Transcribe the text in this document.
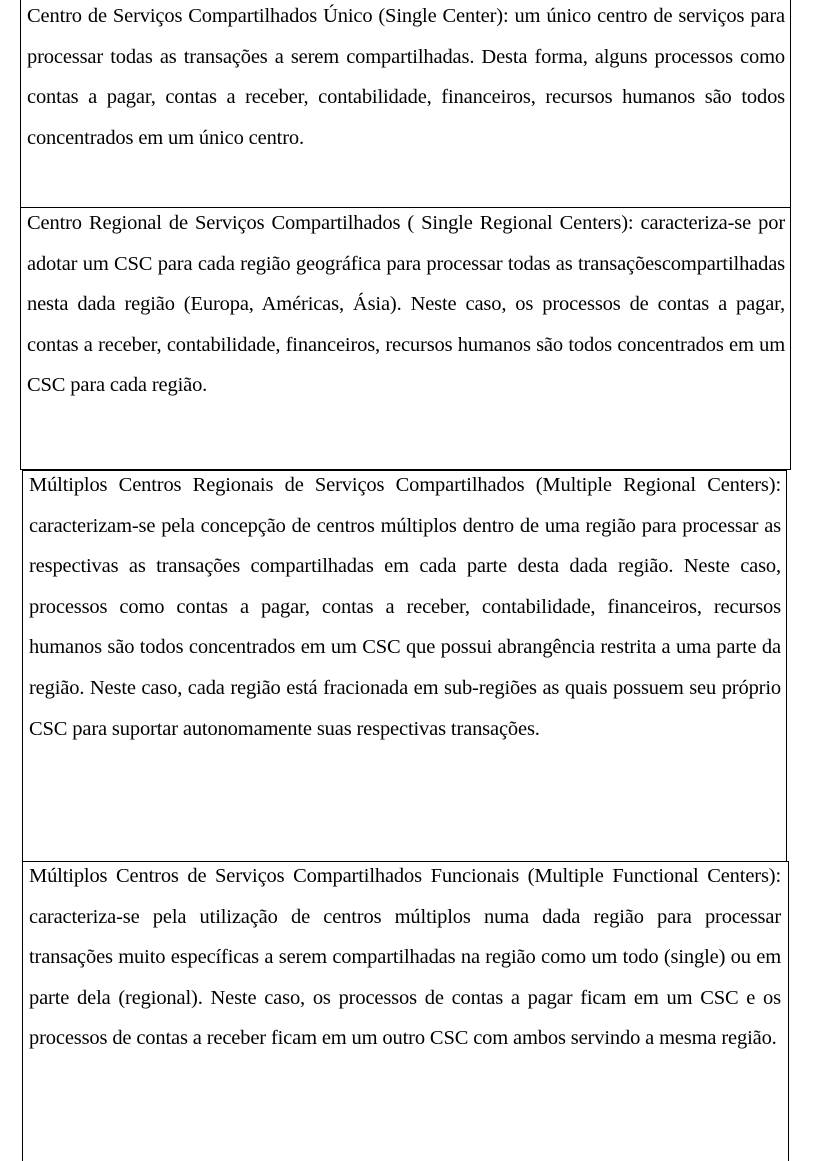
Centro de Serviços Compartilhados Único (Single Center): um único centro de serviços para processar todas as transações a serem compartilhadas. Desta forma, alguns processos como contas a pagar, contas a receber, contabilidade, financeiros, recursos humanos são todos concentrados em um único centro.

Centro Regional de Serviços Compartilhados ( Single Regional Centers): caracteriza-se por adotar um CSC para cada região geográfica para processar todas as transaçõescompartilhadas nesta dada região (Europa, Américas, Ásia). Neste caso, os processos de contas a pagar, contas a receber, contabilidade, financeiros, recursos humanos são todos concentrados em um CSC para cada região.

Múltiplos Centros Regionais de Serviços Compartilhados (Multiple Regional Centers): caracterizam-se pela concepção de centros múltiplos dentro de uma região para processar as respectivas as transações compartilhadas em cada parte desta dada região. Neste caso, processos como contas a pagar, contas a receber, contabilidade, financeiros, recursos humanos são todos concentrados em um CSC que possui abrangência restrita a uma parte da região. Neste caso, cada região está fracionada em sub-regiões as quais possuem seu próprio CSC para suportar autonomamente suas respectivas transações.

Múltiplos Centros de Serviços Compartilhados Funcionais (Multiple Functional Centers): caracteriza-se pela utilização de centros múltiplos numa dada região para processar transações muito específicas a serem compartilhadas na região como um todo (single) ou em parte dela (regional). Neste caso, os processos de contas a pagar ficam em um CSC e os processos de contas a receber ficam em um outro CSC com ambos servindo a mesma região.
